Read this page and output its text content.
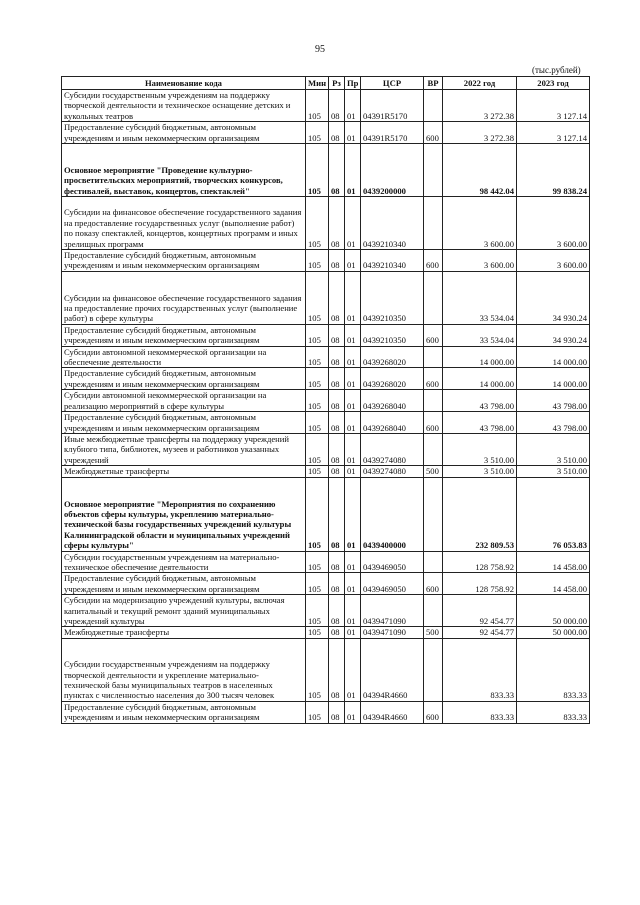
95
(тыс.рублей)
Наименование кода	Мин	Рз	Пр	ЦСР	ВР	2022 год	2023 год
Субсидии государственным учреждениям на поддержку творческой деятельности и техническое оснащение детских и кукольных театров	105	08	01	04391R5170		3 272.38	3 127.14
Предоставление субсидий бюджетным, автономным учреждениям и иным некоммерческим организациям	105	08	01	04391R5170	600	3 272.38	3 127.14
Основное мероприятие "Проведение культурно-просветительских мероприятий, творческих конкурсов, фестивалей, выставок, концертов, спектаклей"	105	08	01	0439200000		98 442.04	99 838.24
Субсидии на финансовое обеспечение государственного задания на предоставление государственных услуг (выполнение работ) по показу спектаклей, концертов, концертных программ и иных зрелищных программ	105	08	01	0439210340		3 600.00	3 600.00
Предоставление субсидий бюджетным, автономным учреждениям и иным некоммерческим организациям	105	08	01	0439210340	600	3 600.00	3 600.00
Субсидии на финансовое обеспечение государственного задания на предоставление прочих государственных услуг (выполнение работ) в сфере культуры	105	08	01	0439210350		33 534.04	34 930.24
Предоставление субсидий бюджетным, автономным учреждениям и иным некоммерческим организациям	105	08	01	0439210350	600	33 534.04	34 930.24
Субсидии автономной некоммерческой организации на обеспечение деятельности	105	08	01	0439268020		14 000.00	14 000.00
Предоставление субсидий бюджетным, автономным учреждениям и иным некоммерческим организациям	105	08	01	0439268020	600	14 000.00	14 000.00
Субсидии автономной некоммерческой организации на реализацию мероприятий в сфере культуры	105	08	01	0439268040		43 798.00	43 798.00
Предоставление субсидий бюджетным, автономным учреждениям и иным некоммерческим организациям	105	08	01	0439268040	600	43 798.00	43 798.00
Иные межбюджетные трансферты на поддержку учреждений клубного типа, библиотек, музеев и работников указанных учреждений	105	08	01	0439274080		3 510.00	3 510.00
Межбюджетные трансферты	105	08	01	0439274080	500	3 510.00	3 510.00
Основное мероприятие "Мероприятия по сохранению объектов сферы культуры, укреплению материально-технической базы государственных учреждений культуры Калининградской области и муниципальных учреждений сферы культуры"	105	08	01	0439400000		232 809.53	76 053.83
Субсидии государственным учреждениям на материально-техническое обеспечение деятельности	105	08	01	0439469050		128 758.92	14 458.00
Предоставление субсидий бюджетным, автономным учреждениям и иным некоммерческим организациям	105	08	01	0439469050	600	128 758.92	14 458.00
Субсидии на модернизацию учреждений культуры, включая капитальный и текущий ремонт зданий муниципальных учреждений культуры	105	08	01	0439471090		92 454.77	50 000.00
Межбюджетные трансферты	105	08	01	0439471090	500	92 454.77	50 000.00
Субсидии государственным учреждениям на поддержку творческой деятельности и укрепление материально-технической базы муниципальных театров в населенных пунктах с численностью населения до 300 тысяч человек	105	08	01	04394R4660		833.33	833.33
Предоставление субсидий бюджетным, автономным учреждениям и иным некоммерческим организациям	105	08	01	04394R4660	600	833.33	833.33
